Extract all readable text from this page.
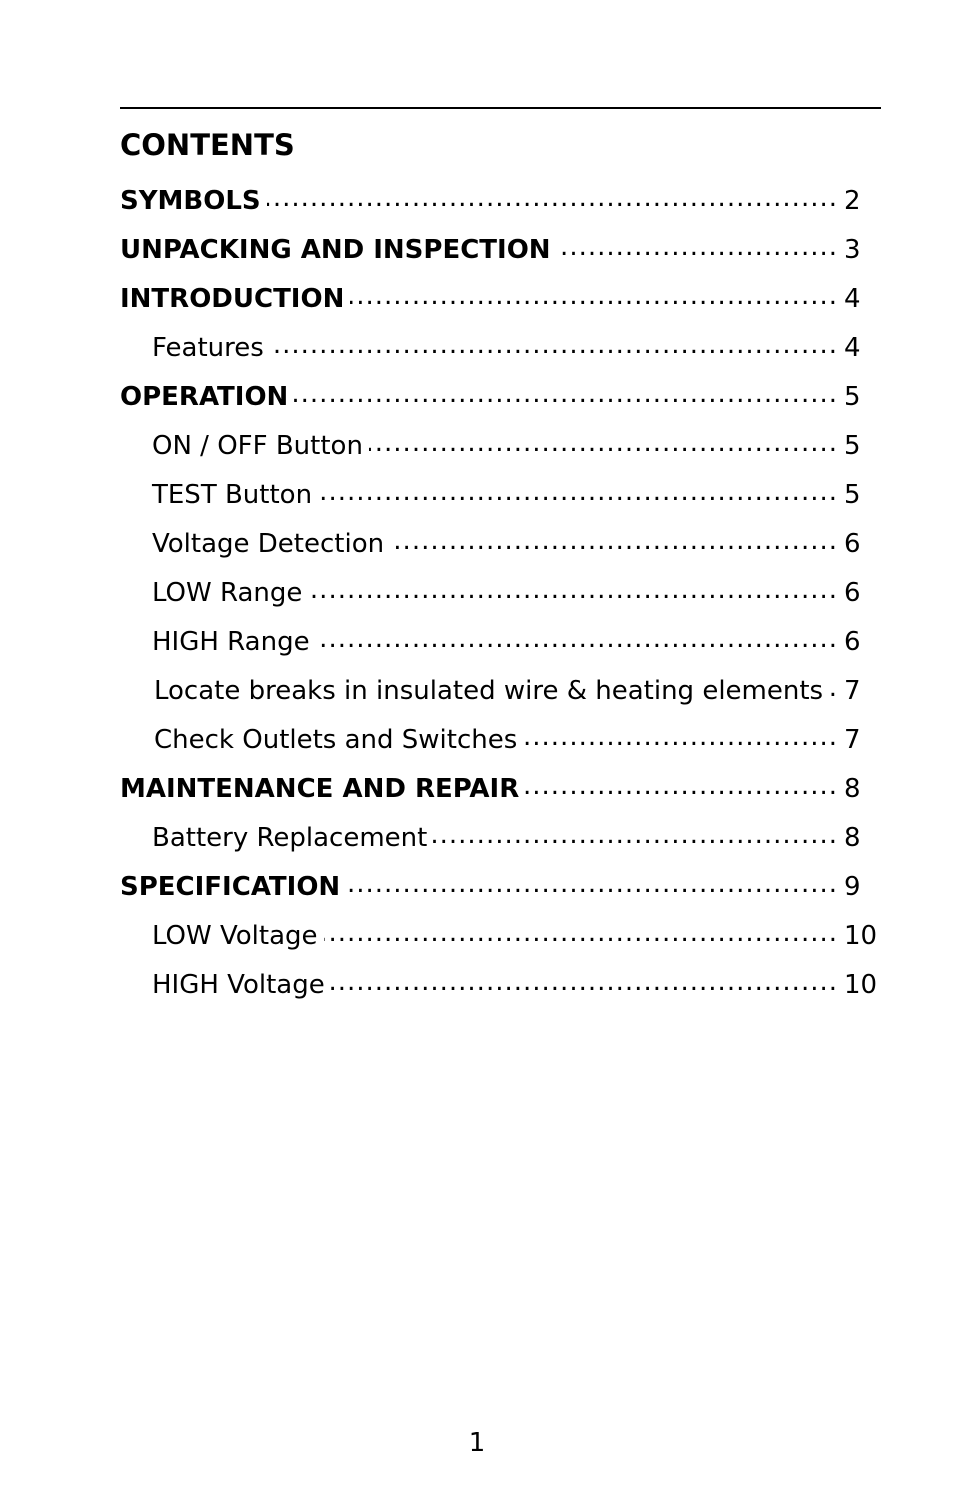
CONTENTS
SYMBOLS .....	2
UNPACKING AND INSPECTION .....	3
INTRODUCTION .....	4
Features .....	4
OPERATION .....	5
ON / OFF Button .....	5
TEST Button .....	5
Voltage Detection .....	6
LOW Range .....	6
HIGH Range .....	6
Locate breaks in insulated wire & heating elements ..... 7
Check Outlets and Switches .....	7
MAINTENANCE AND REPAIR .....	8
Battery Replacement .....	8
SPECIFICATION .....	9
LOW Voltage .....	10
HIGH Voltage .....	10
1
